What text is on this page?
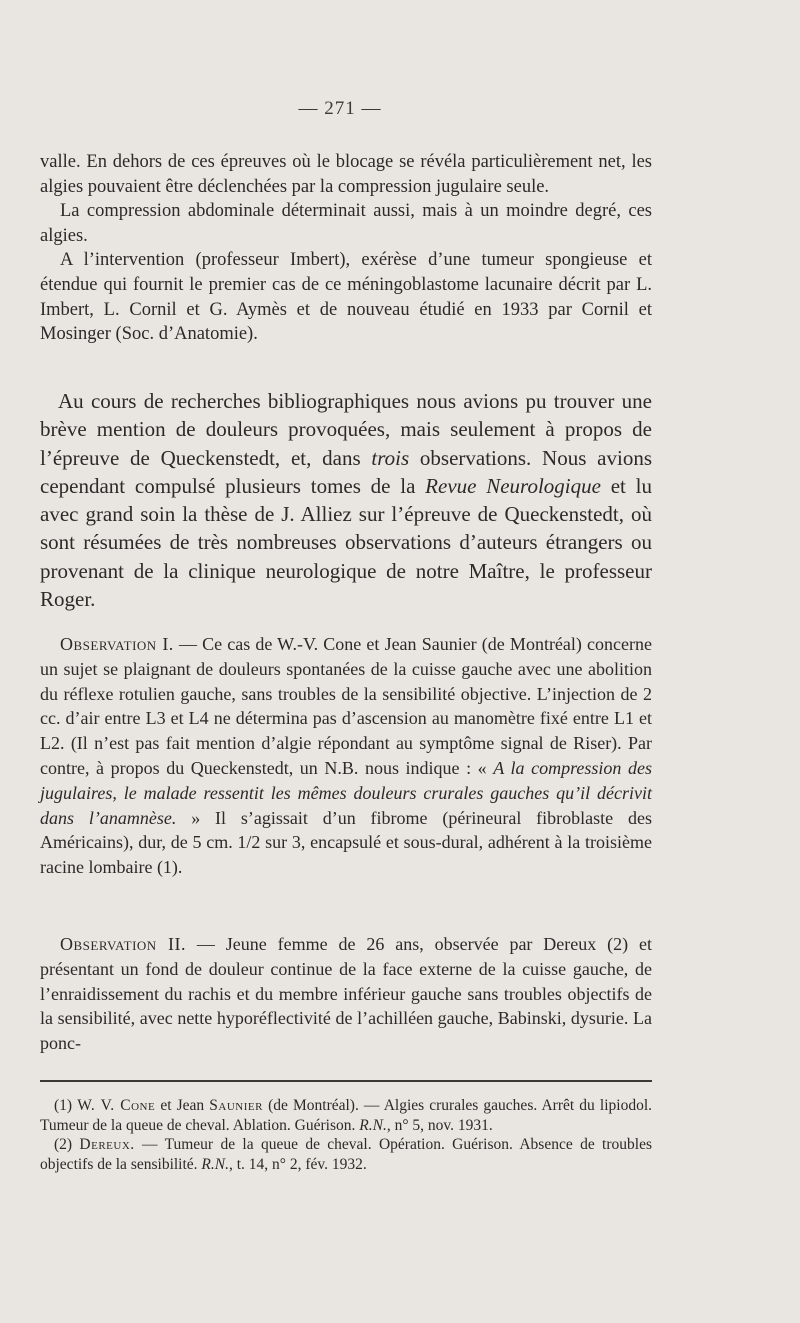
— 271 —

valle. En dehors de ces épreuves où le blocage se révéla particulièrement net, les algies pouvaient être déclenchées par la compression jugulaire seule.

La compression abdominale déterminait aussi, mais à un moindre degré, ces algies.

A l’intervention (professeur Imbert), exérèse d’une tumeur spongieuse et étendue qui fournit le premier cas de ce méningoblastome lacunaire décrit par L. Imbert, L. Cornil et G. Aymès et de nouveau étudié en 1933 par Cornil et Mosinger (Soc. d’Anatomie).

Au cours de recherches bibliographiques nous avions pu trouver une brève mention de douleurs provoquées, mais seulement à propos de l’épreuve de Queckenstedt, et, dans trois observations. Nous avions cependant compulsé plusieurs tomes de la Revue Neurologique et lu avec grand soin la thèse de J. Alliez sur l’épreuve de Queckenstedt, où sont résumées de très nombreuses observations d’auteurs étrangers ou provenant de la clinique neurologique de notre Maître, le professeur Roger.

Observation I. — Ce cas de W.-V. Cone et Jean Saunier (de Montréal) concerne un sujet se plaignant de douleurs spontanées de la cuisse gauche avec une abolition du réflexe rotulien gauche, sans troubles de la sensibilité objective. L’injection de 2 cc. d’air entre L3 et L4 ne détermina pas d’ascension au manomètre fixé entre L1 et L2. (Il n’est pas fait mention d’algie répondant au symptôme signal de Riser). Par contre, à propos du Queckenstedt, un N.B. nous indique : « A la compression des jugulaires, le malade ressentit les mêmes douleurs crurales gauches qu’il décrivit dans l’anamnèse. » Il s’agissait d’un fibrome (périneural fibroblaste des Américains), dur, de 5 cm. 1/2 sur 3, encapsulé et sous-dural, adhérent à la troisième racine lombaire (1).

Observation II. — Jeune femme de 26 ans, observée par Dereux (2) et présentant un fond de douleur continue de la face externe de la cuisse gauche, de l’enraidissement du rachis et du membre inférieur gauche sans troubles objectifs de la sensibilité, avec nette hyporéflectivité de l’achilléen gauche, Babinski, dysurie. La ponc-

(1) W. V. Cone et Jean Saunier (de Montréal). — Algies crurales gauches. Arrêt du lipiodol. Tumeur de la queue de cheval. Ablation. Guérison. R.N., n° 5, nov. 1931.

(2) Dereux. — Tumeur de la queue de cheval. Opération. Guérison. Absence de troubles objectifs de la sensibilité. R.N., t. 14, n° 2, fév. 1932.
